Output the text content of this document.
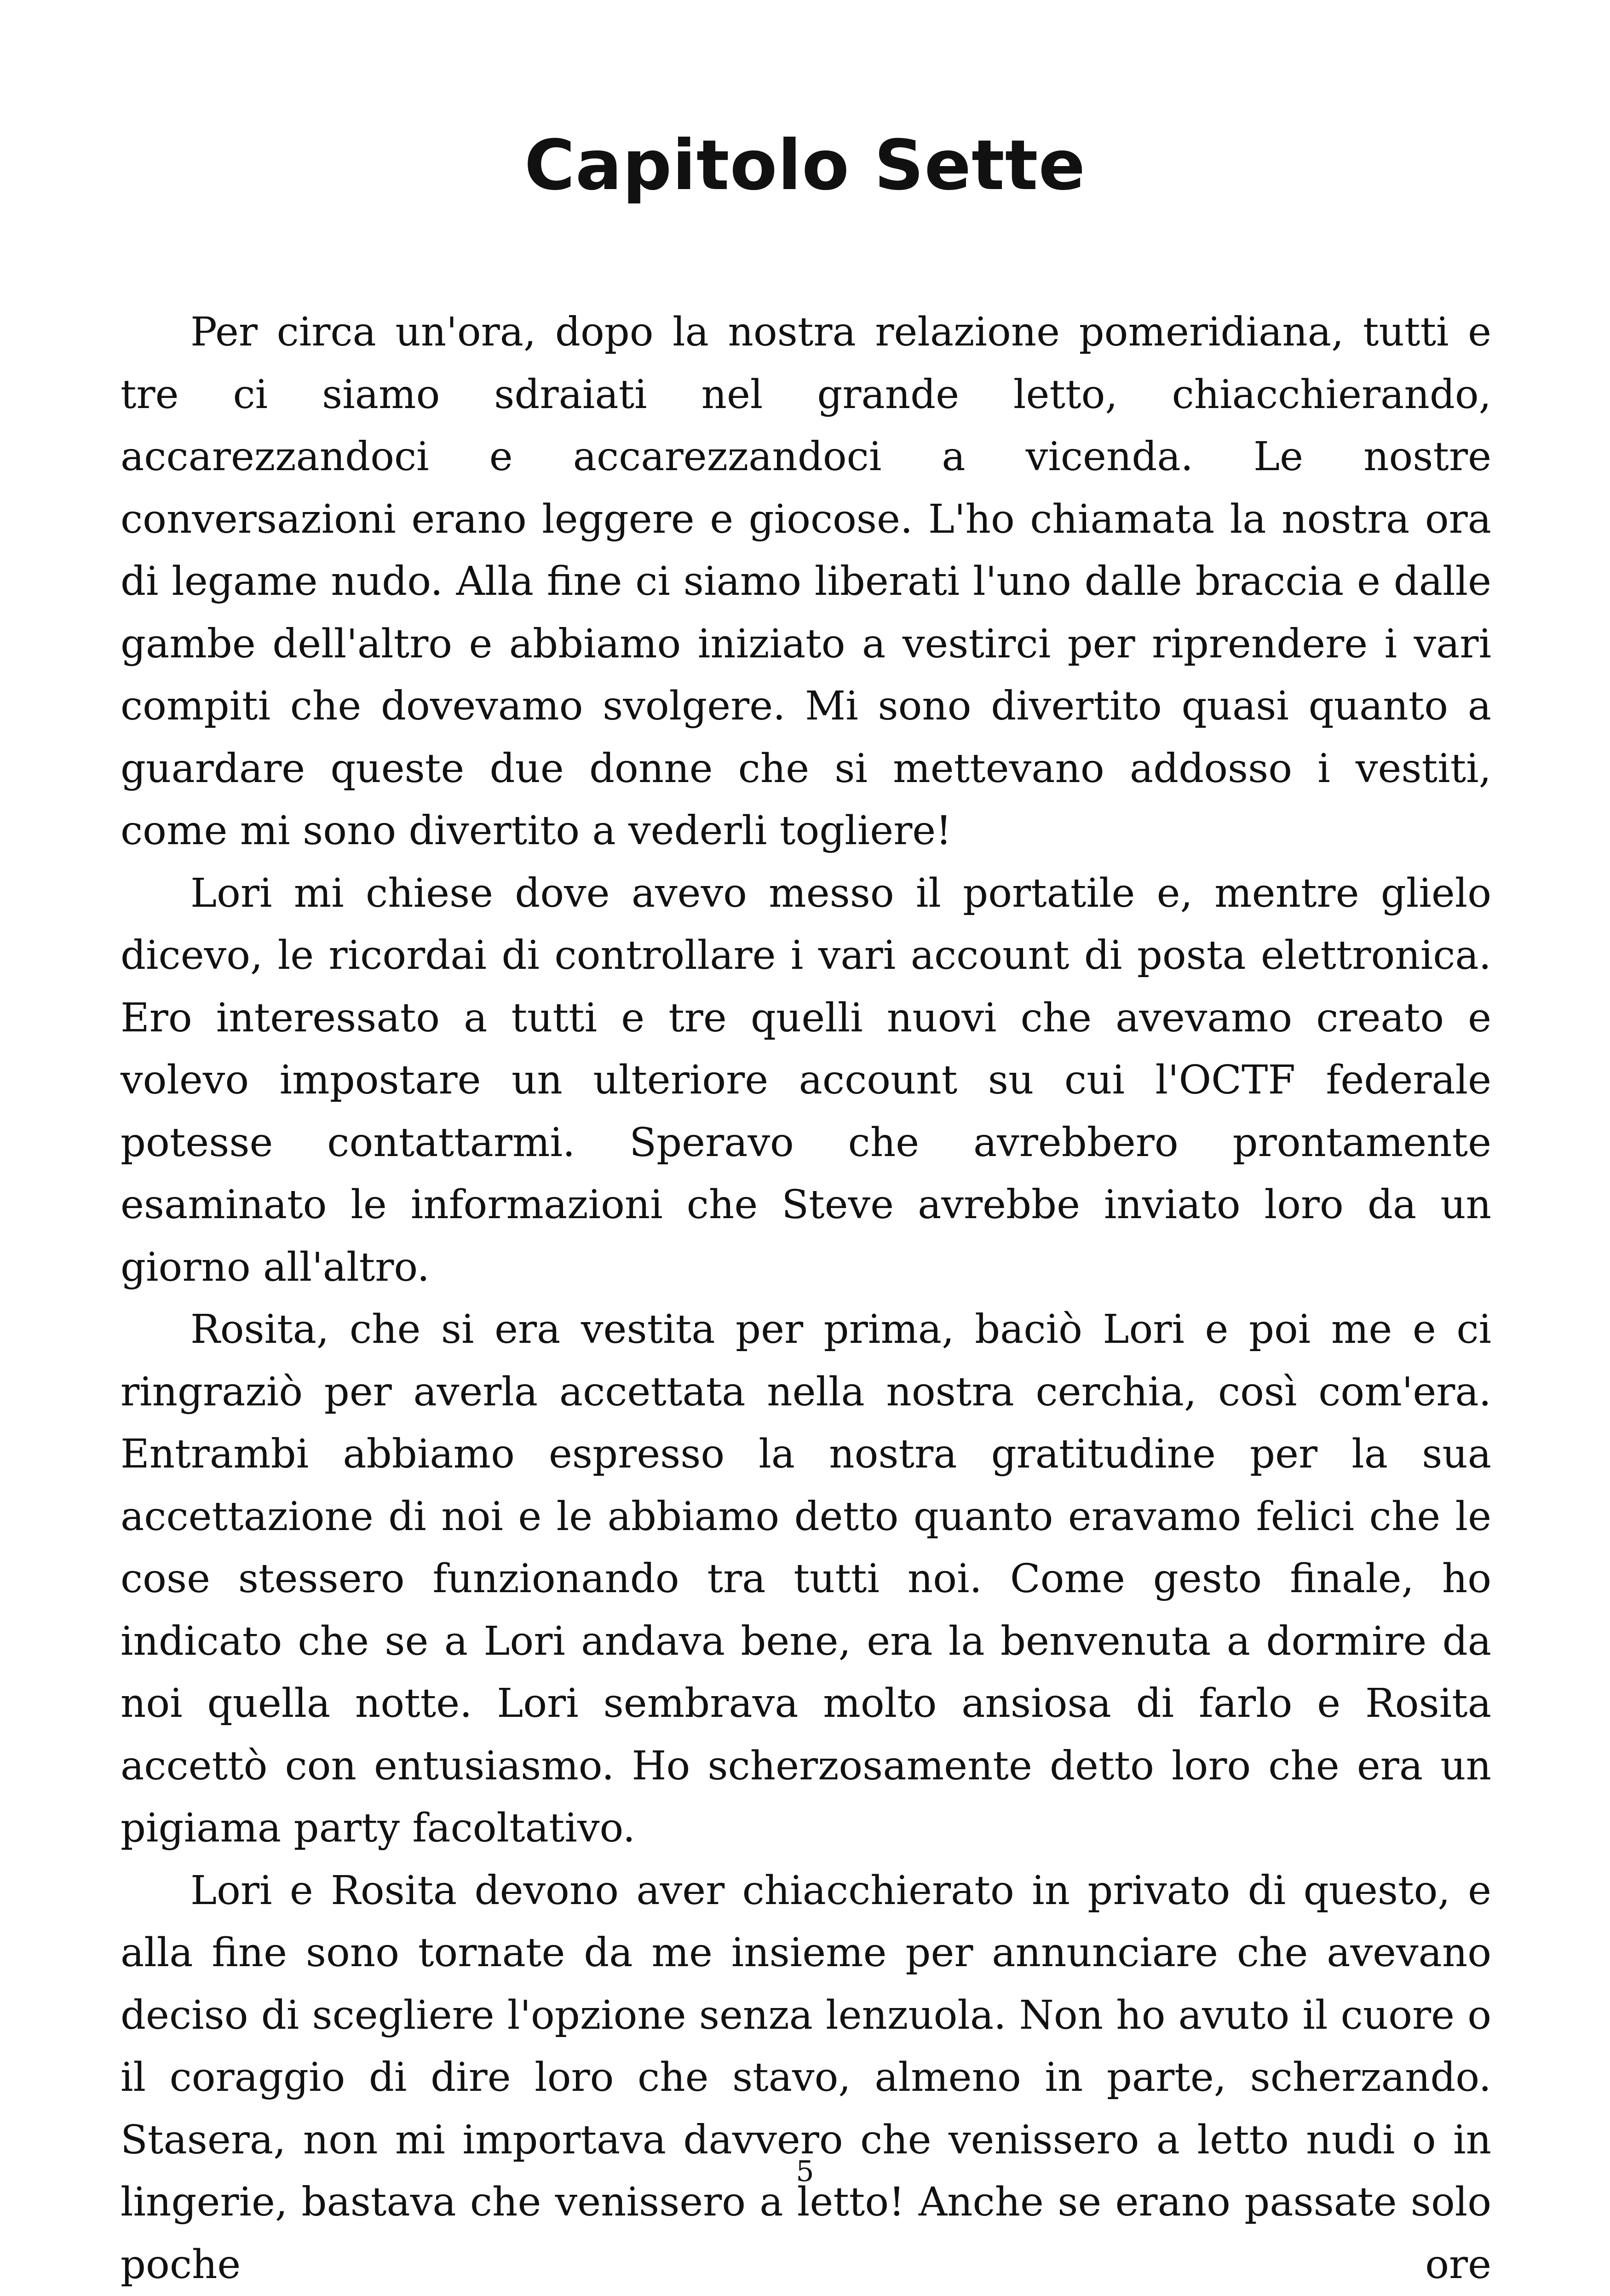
Capitolo Sette

Per circa un'ora, dopo la nostra relazione pomeridiana, tutti e tre ci siamo sdraiati nel grande letto, chiacchierando, accarezzandoci e accarezzandoci a vicenda. Le nostre conversazioni erano leggere e giocose. L'ho chiamata la nostra ora di legame nudo. Alla fine ci siamo liberati l'uno dalle braccia e dalle gambe dell'altro e abbiamo iniziato a vestirci per riprendere i vari compiti che dovevamo svolgere. Mi sono divertito quasi quanto a guardare queste due donne che si mettevano addosso i vestiti, come mi sono divertito a vederli togliere!

Lori mi chiese dove avevo messo il portatile e, mentre glielo dicevo, le ricordai di controllare i vari account di posta elettronica. Ero interessato a tutti e tre quelli nuovi che avevamo creato e volevo impostare un ulteriore account su cui l'OCTF federale potesse contattarmi. Speravo che avrebbero prontamente esaminato le informazioni che Steve avrebbe inviato loro da un giorno all'altro.

Rosita, che si era vestita per prima, baciò Lori e poi me e ci ringraziò per averla accettata nella nostra cerchia, così com'era. Entrambi abbiamo espresso la nostra gratitudine per la sua accettazione di noi e le abbiamo detto quanto eravamo felici che le cose stessero funzionando tra tutti noi. Come gesto finale, ho indicato che se a Lori andava bene, era la benvenuta a dormire da noi quella notte. Lori sembrava molto ansiosa di farlo e Rosita accettò con entusiasmo. Ho scherzosamente detto loro che era un pigiama party facoltativo.

Lori e Rosita devono aver chiacchierato in privato di questo, e alla fine sono tornate da me insieme per annunciare che avevano deciso di scegliere l'opzione senza lenzuola. Non ho avuto il cuore o il coraggio di dire loro che stavo, almeno in parte, scherzando. Stasera, non mi importava davvero che venissero a letto nudi o in lingerie, bastava che venissero a letto! Anche se erano passate solo poche ore

5
